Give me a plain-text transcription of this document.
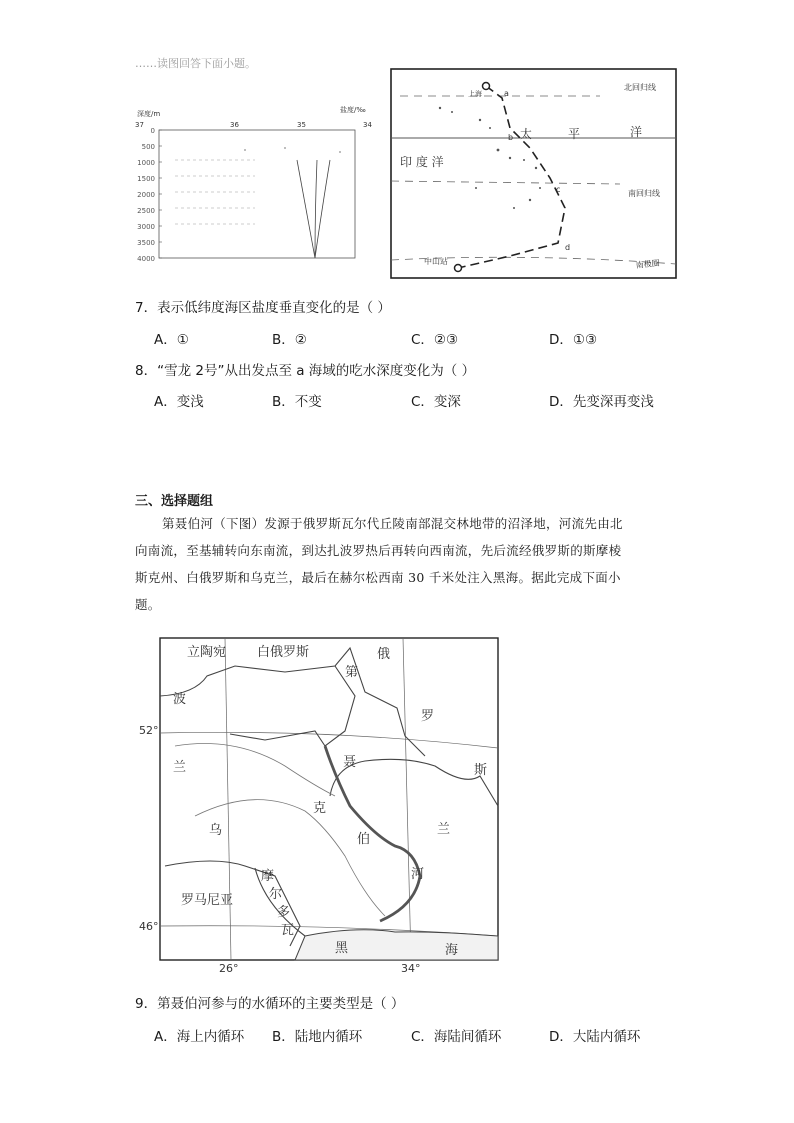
……读图回答下面小题。
深度/m	盐度/‰
37	36	35	34
0
500
1000
1500
2000
2500
3000
3500
4000
北回归线
南回归线
南极圈
上海	a
b
c
d
太	平	洋
印 度 洋
中山站
7．表示低纬度海区盐度垂直变化的是（ ）
A．①	B．②	C．②③	D．①③
8．“雪龙 2号”从出发点至 a 海域的吃水深度变化为（ ）
A．变浅	B．不变	C．变深	D．先变深再变浅
三、选择题组
第聂伯河（下图）发源于俄罗斯瓦尔代丘陵南部混交林地带的沼泽地，河流先由北
向南流，至基辅转向东南流，到达扎波罗热后再转向西南流，先后流经俄罗斯的斯摩棱
斯克州、白俄罗斯和乌克兰，最后在赫尔松西南 30 千米处注入黑海。据此完成下面小
题。
立陶宛 白俄罗斯
波
兰
俄
罗
斯
第
聂
伯
河
乌
克
兰
摩
尔
多
瓦
罗马尼亚
黑	海
52°
46°
26°	34°
9．第聂伯河参与的水循环的主要类型是（ ）
A．海上内循环 B．陆地内循环	C．海陆间循环	D．大陆内循环
